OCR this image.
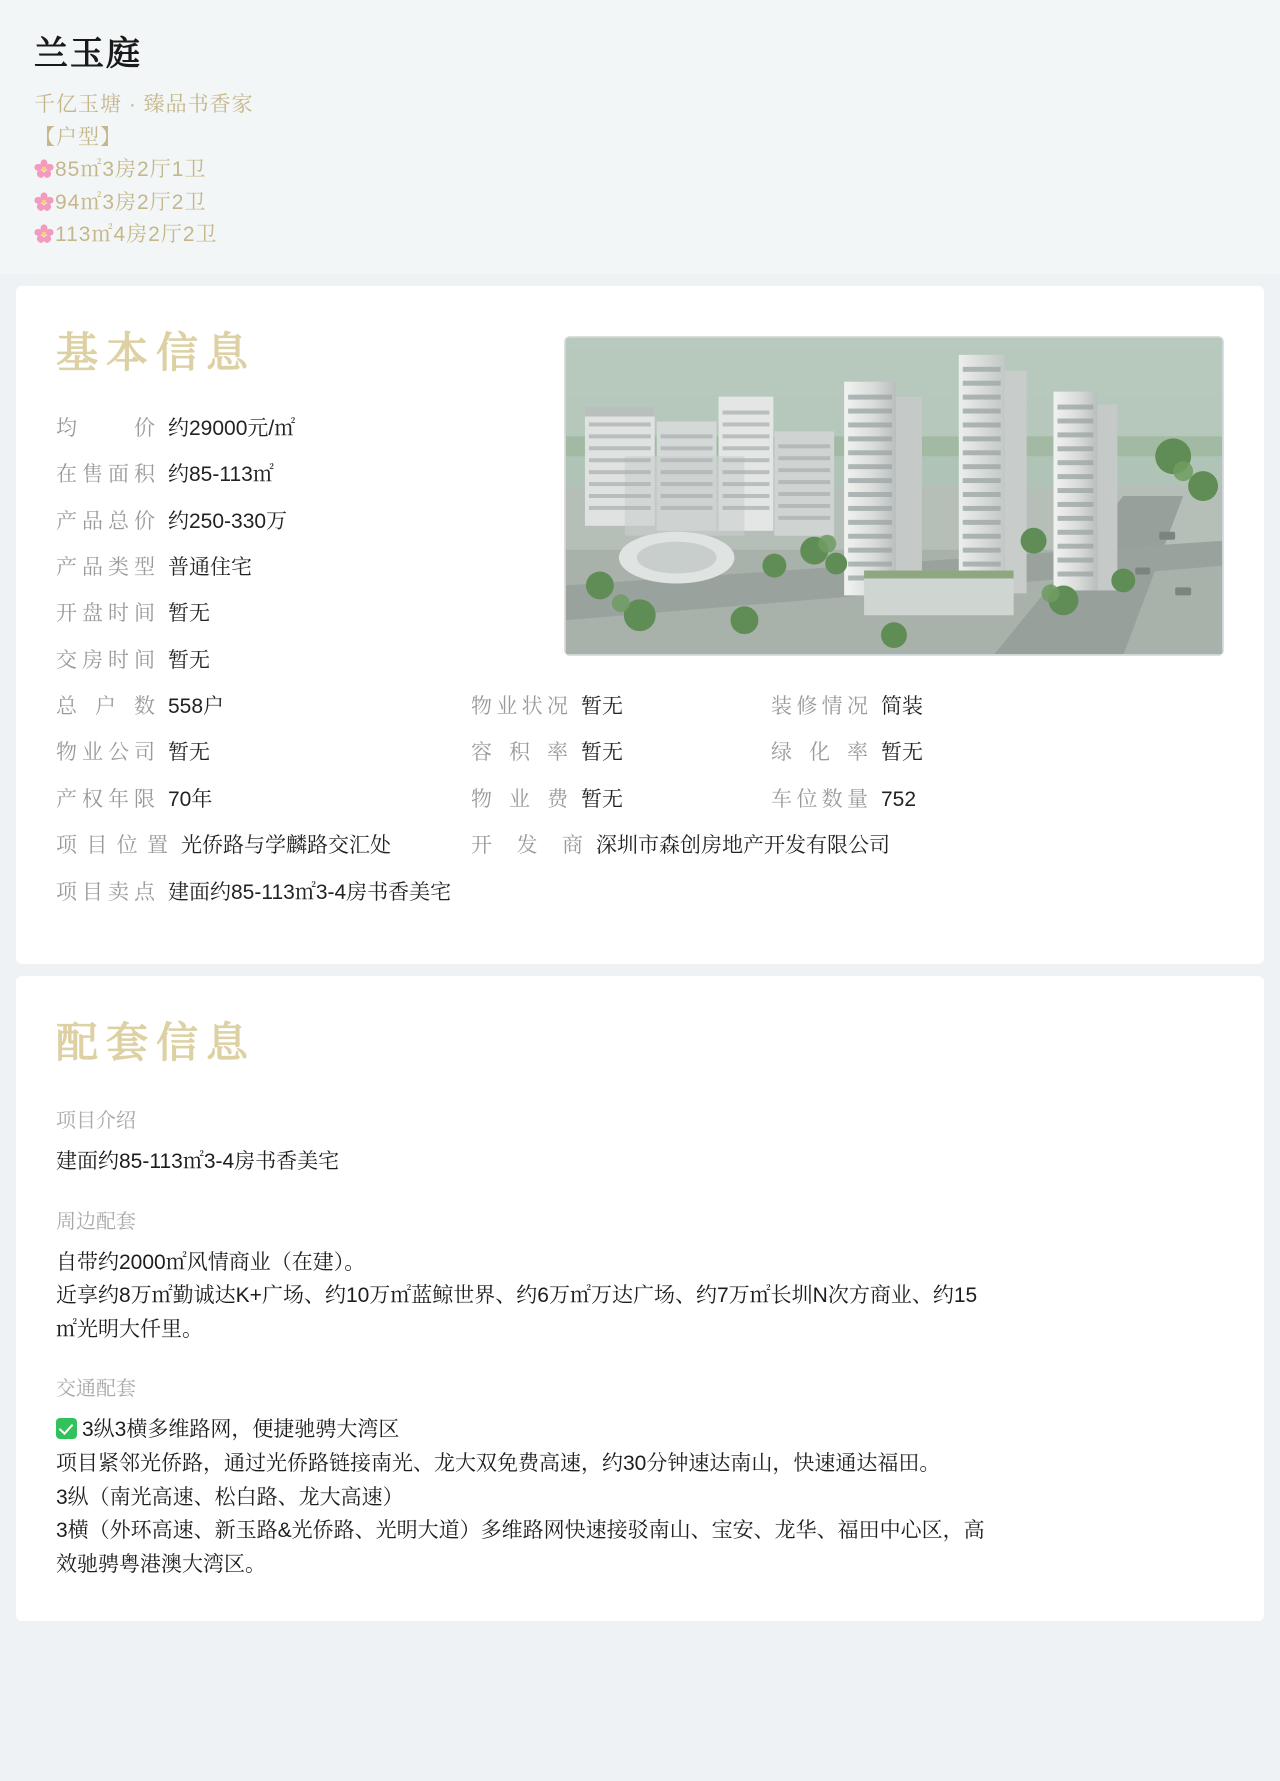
兰玉庭
千亿玉塘 · 臻品书香家
【户型】
85㎡3房2厅1卫
94㎡3房2厅2卫
113㎡4房2厅2卫
基本信息
均　　价 约29000元/㎡
在售面积 约85-113㎡
产品总价 约250-330万
产品类型 普通住宅
开盘时间 暂无
交房时间 暂无
总 户 数 558户
物业公司 暂无
产权年限 70年
物业状况 暂无
容 积 率 暂无
物 业 费 暂无
装修情况 简装
绿 化 率 暂无
车位数量 752
项目位置 光侨路与学麟路交汇处	开 发 商 深圳市森创房地产开发有限公司
项目卖点 建面约85-113㎡3-4房书香美宅
配套信息
项目介绍

建面约85-113㎡3-4房书香美宅

周边配套

自带约2000㎡风情商业（在建）。
近享约8万㎡勤诚达K+广场、约10万㎡蓝鲸世界、约6万㎡万达广场、约7万㎡长圳N次方商业、约15
㎡光明大仟里。

交通配套

3纵3横多维路网，便捷驰骋大湾区
项目紧邻光侨路，通过光侨路链接南光、龙大双免费高速，约30分钟速达南山，快速通达福田。
3纵（南光高速、松白路、龙大高速）
3横（外环高速、新玉路&光侨路、光明大道）多维路网快速接驳南山、宝安、龙华、福田中心区，高
效驰骋粤港澳大湾区。
